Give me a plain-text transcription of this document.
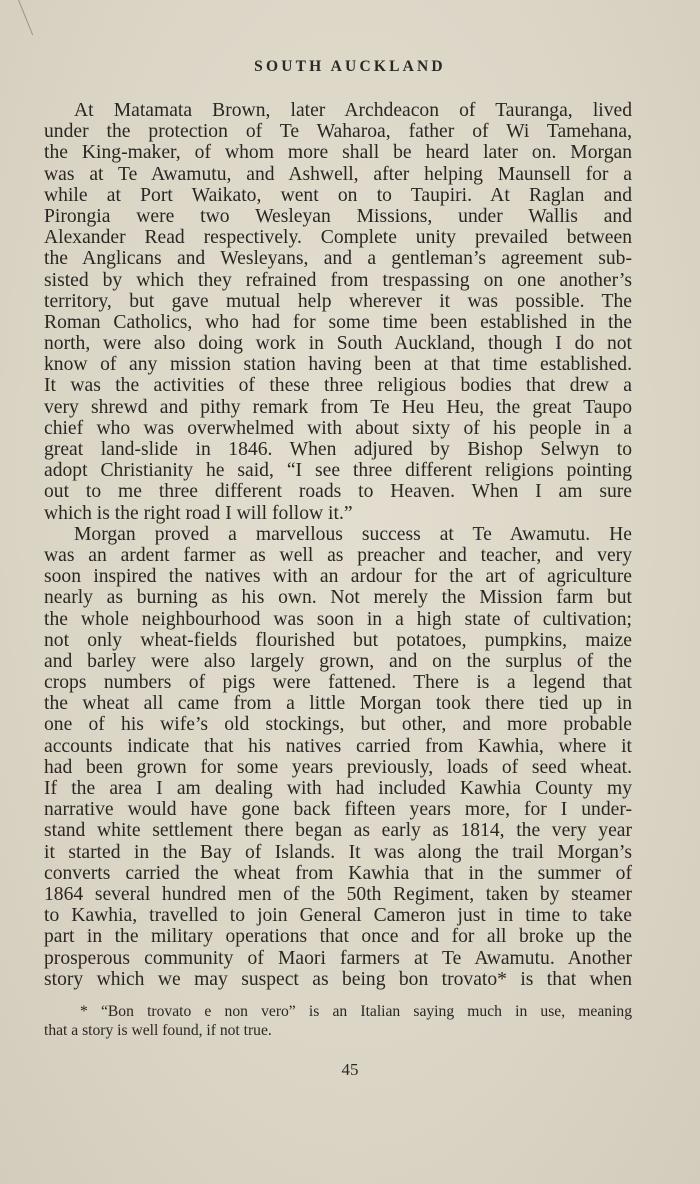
SOUTH AUCKLAND
At Matamata Brown, later Archdeacon of Tauranga, lived
under the protection of Te Waharoa, father of Wi Tamehana,
the King-maker, of whom more shall be heard later on. Morgan
was at Te Awamutu, and Ashwell, after helping Maunsell for a
while at Port Waikato, went on to Taupiri. At Raglan and
Pirongia were two Wesleyan Missions, under Wallis and
Alexander Read respectively. Complete unity prevailed between
the Anglicans and Wesleyans, and a gentleman’s agreement sub-
sisted by which they refrained from trespassing on one another’s
territory, but gave mutual help wherever it was possible. The
Roman Catholics, who had for some time been established in the
north, were also doing work in South Auckland, though I do not
know of any mission station having been at that time established.
It was the activities of these three religious bodies that drew a
very shrewd and pithy remark from Te Heu Heu, the great Taupo
chief who was overwhelmed with about sixty of his people in a
great land-slide in 1846. When adjured by Bishop Selwyn to
adopt Christianity he said, “I see three different religions pointing
out to me three different roads to Heaven. When I am sure
which is the right road I will follow it.”
Morgan proved a marvellous success at Te Awamutu. He
was an ardent farmer as well as preacher and teacher, and very
soon inspired the natives with an ardour for the art of agriculture
nearly as burning as his own. Not merely the Mission farm but
the whole neighbourhood was soon in a high state of cultivation;
not only wheat-fields flourished but potatoes, pumpkins, maize
and barley were also largely grown, and on the surplus of the
crops numbers of pigs were fattened. There is a legend that
the wheat all came from a little Morgan took there tied up in
one of his wife’s old stockings, but other, and more probable
accounts indicate that his natives carried from Kawhia, where it
had been grown for some years previously, loads of seed wheat.
If the area I am dealing with had included Kawhia County my
narrative would have gone back fifteen years more, for I under-
stand white settlement there began as early as 1814, the very year
it started in the Bay of Islands. It was along the trail Morgan’s
converts carried the wheat from Kawhia that in the summer of
1864 several hundred men of the 50th Regiment, taken by steamer
to Kawhia, travelled to join General Cameron just in time to take
part in the military operations that once and for all broke up the
prosperous community of Maori farmers at Te Awamutu. Another
story which we may suspect as being bon trovato* is that when
* “Bon trovato e non vero” is an Italian saying much in use, meaning
that a story is well found, if not true.
45
